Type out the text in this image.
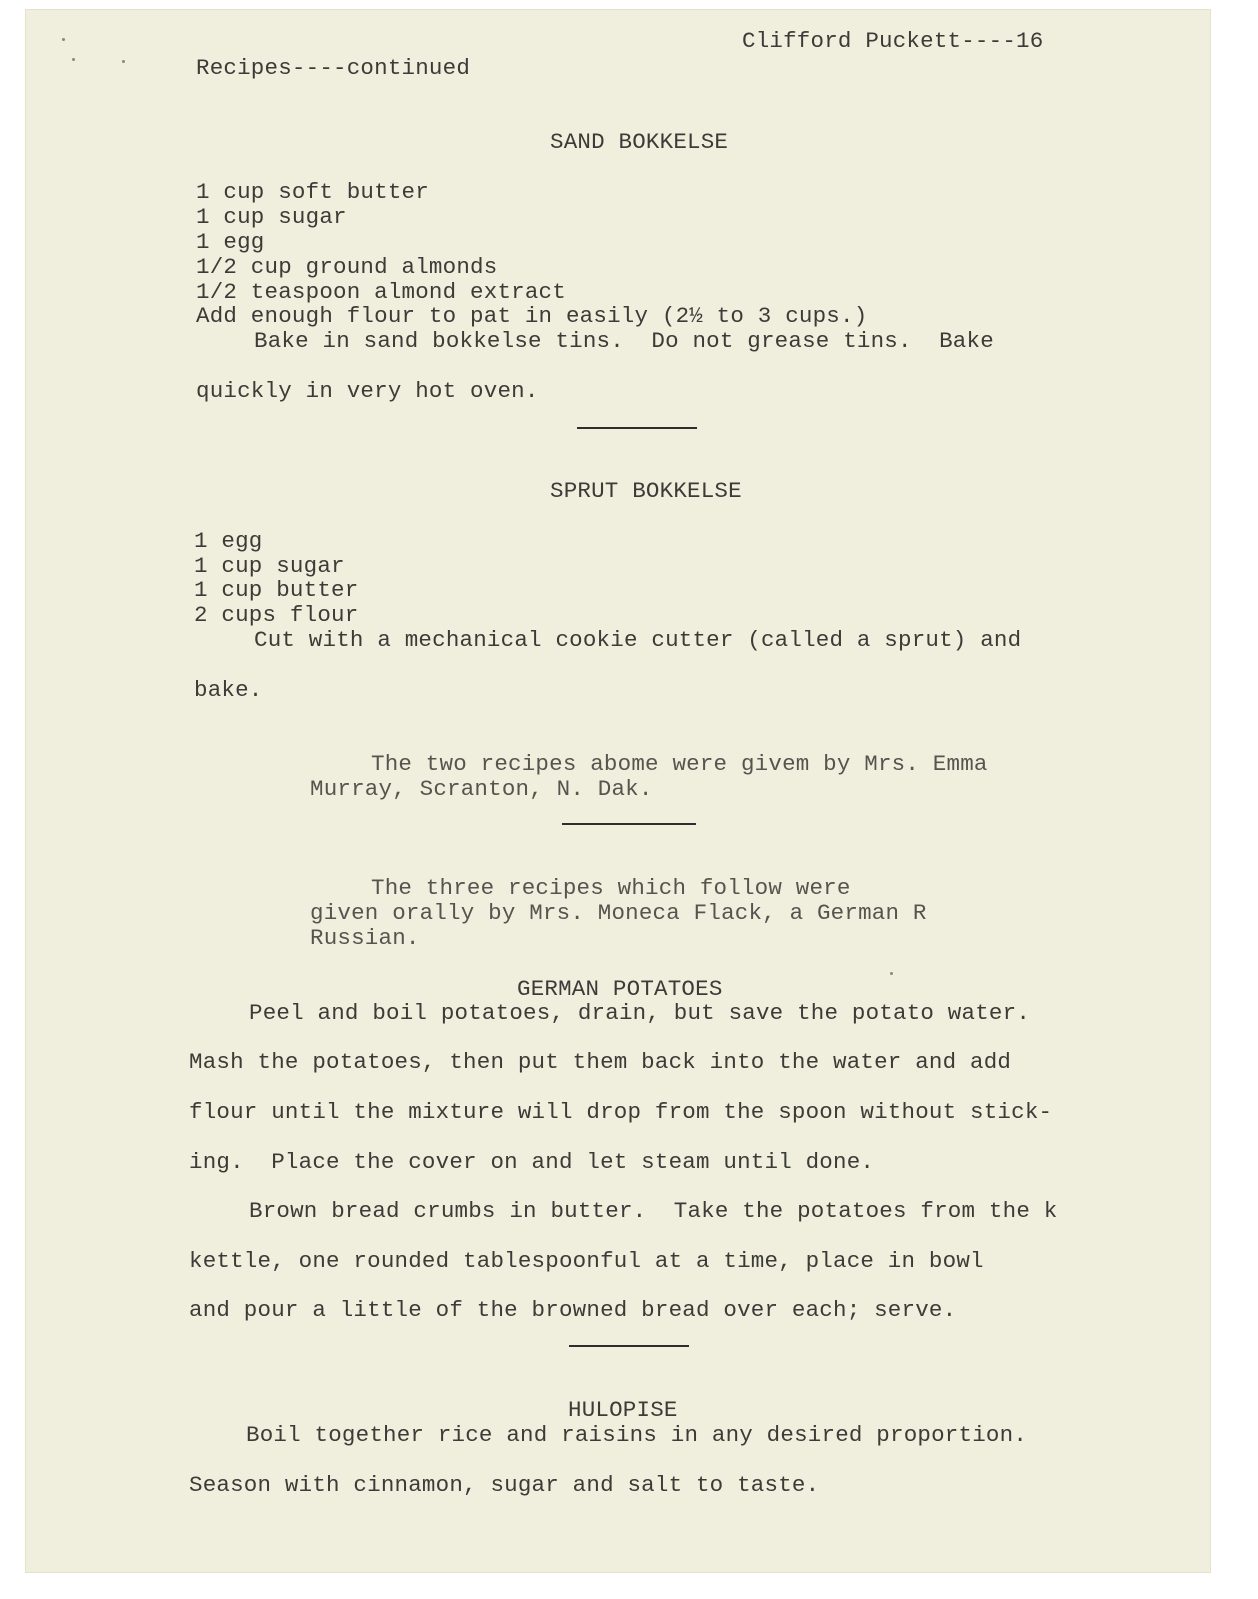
Clifford Puckett----16
Recipes----continued
SAND BOKKELSE
1 cup soft butter
1 cup sugar
1 egg
1/2 cup ground almonds
1/2 teaspoon almond extract
Add enough flour to pat in easily (2½ to 3 cups.)
Bake in sand bokkelse tins.  Do not grease tins.  Bake
quickly in very hot oven.
SPRUT BOKKELSE
1 egg
1 cup sugar
1 cup butter
2 cups flour
Cut with a mechanical cookie cutter (called a sprut) and
bake.
The two recipes abome were givem by Mrs. Emma
Murray, Scranton, N. Dak.
The three recipes which follow were
given orally by Mrs. Moneca Flack, a German R
Russian.
GERMAN POTATOES
Peel and boil potatoes, drain, but save the potato water.
Mash the potatoes, then put them back into the water and add
flour until the mixture will drop from the spoon without stick-
ing.  Place the cover on and let steam until done.
Brown bread crumbs in butter.  Take the potatoes from the k
kettle, one rounded tablespoonful at a time, place in bowl
and pour a little of the browned bread over each; serve.
HULOPISE
Boil together rice and raisins in any desired proportion.
Season with cinnamon, sugar and salt to taste.
